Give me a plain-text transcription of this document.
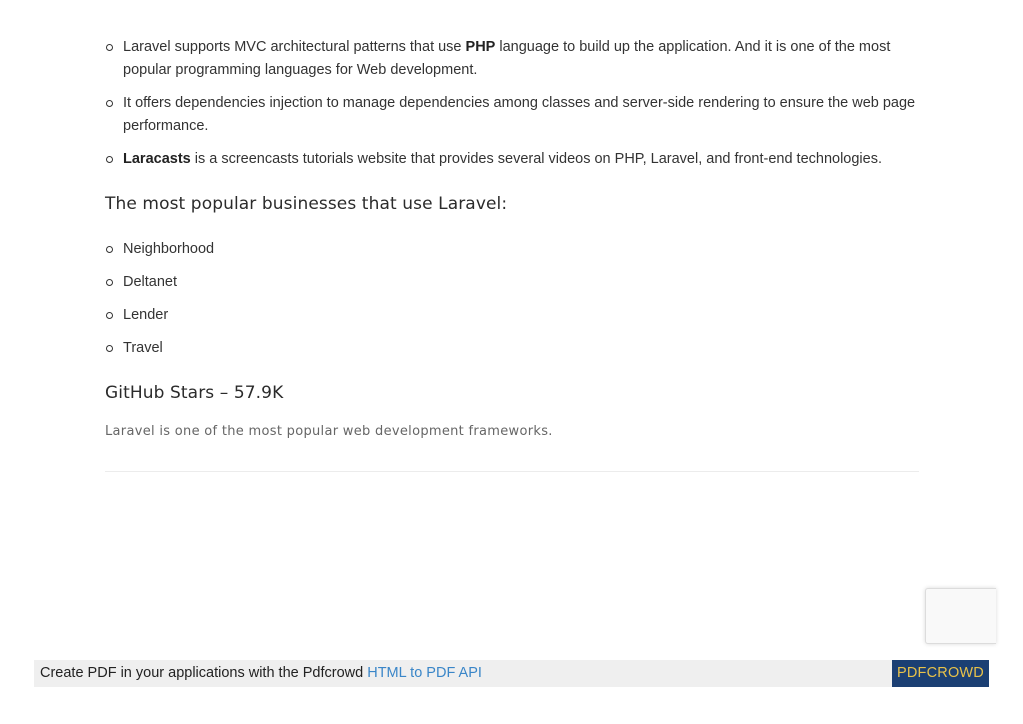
Laravel supports MVC architectural patterns that use PHP language to build up the application. And it is one of the most popular programming languages for Web development.
It offers dependencies injection to manage dependencies among classes and server-side rendering to ensure the web page performance.
Laracasts is a screencasts tutorials website that provides several videos on PHP, Laravel, and front-end technologies.
The most popular businesses that use Laravel:
Neighborhood
Deltanet
Lender
Travel
GitHub Stars – 57.9K

Laravel is one of the most popular web development frameworks.

Create PDF in your applications with the Pdfcrowd HTML to PDF API	PDFCROWD
